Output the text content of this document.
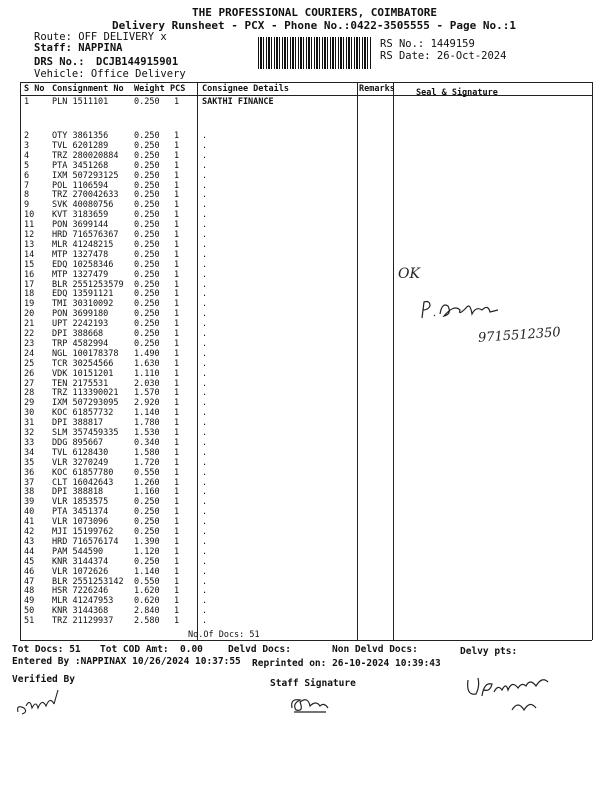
THE PROFESSIONAL COURIERS, COIMBATORE
Delivery Runsheet - PCX - Phone No.:0422-3505555 - Page No.:1
Route: OFF DELIVERY x
Staff: NAPPINA
DRS No.: DCJB144915901
Vehicle: Office Delivery
RS No.: 1449159
RS Date: 26-Oct-2024
S No Consignment No Weight PCS Consignee Details	Remarks Seal & Signature
1	PLN 1511101	0.250 1	SAKTHI FINANCE
2	OTY 3861356	0.250 1	.
3	TVL 6201289	0.250 1	.
4	TRZ 280020884 0.250 1	.
5	PTA 3451268	0.250 1	.
6	IXM 507293125 0.250 1	.
7	POL 1106594	0.250 1	.
8	TRZ 270042633 0.250 1	.
9	SVK 40080756 0.250 1	.
10 KVT 3183659	0.250 1	.
11 PON 3699144	0.250 1	.
12 HRD 716576367 0.250 1	.
13 MLR 41248215 0.250 1	.
14 MTP 1327478	0.250 1	.
15 EDQ 10258346 0.250 1	.
16 MTP 1327479	0.250 1	.
17 BLR 2551253579 0.250 1	.
18 EDQ 13591121 0.250 1	.
19 TMI 30310092 0.250 1	.
20 PON 3699180	0.250 1	.
21 UPT 2242193	0.250 1	.
22 DPI 388668	0.250 1	.
23 TRP 4582994	0.250 1	.
24 NGL 100178378 1.490 1	.
25 TCR 30254566 1.630 1	.
26 VDK 10151201 1.110 1	.
27 TEN 2175531	2.030 1	.
28 TRZ 113390021 1.570 1	.
29 IXM 507293095 2.920 1	.
30 KOC 61857732 1.140 1	.
31 DPI 388817	1.780 1	.
32 SLM 357459335 1.530 1	.
33 DDG 895667	0.340 1	.
34 TVL 6128430	1.580 1	.
35 VLR 3270249	1.720 1	.
36 KOC 61857780 0.550 1	.
37 CLT 16042643 1.260 1	.
38 DPI 388818	1.160 1	.
39 VLR 1853575	0.250 1	.
40 PTA 3451374	0.250 1	.
41 VLR 1073096	0.250 1	.
42 MJI 15199762 0.250 1	.
43 HRD 716576174 1.390 1	.
44 PAM 544590	1.120 1	.
45 KNR 3144374	0.250 1	.
46 VLR 1072626	1.140 1	.
47 BLR 2551253142 0.550 1	.
48 HSR 7226246	1.620 1	.
49 MLR 41247953 0.620 1	.
50 KNR 3144368	2.840 1	.
51 TRZ 21129937 2.580 1	.
No.Of Docs: 51
Tot Docs: 51 Tot COD Amt: 0.00	Delvd Docs:	Non Delvd Docs:	Delvy pts:
Entered By :NAPPINAX 10/26/2024 10:37:55 Reprinted on: 26-10-2024 10:39:43
Verified By	Staff Signature
OK
9715512350
